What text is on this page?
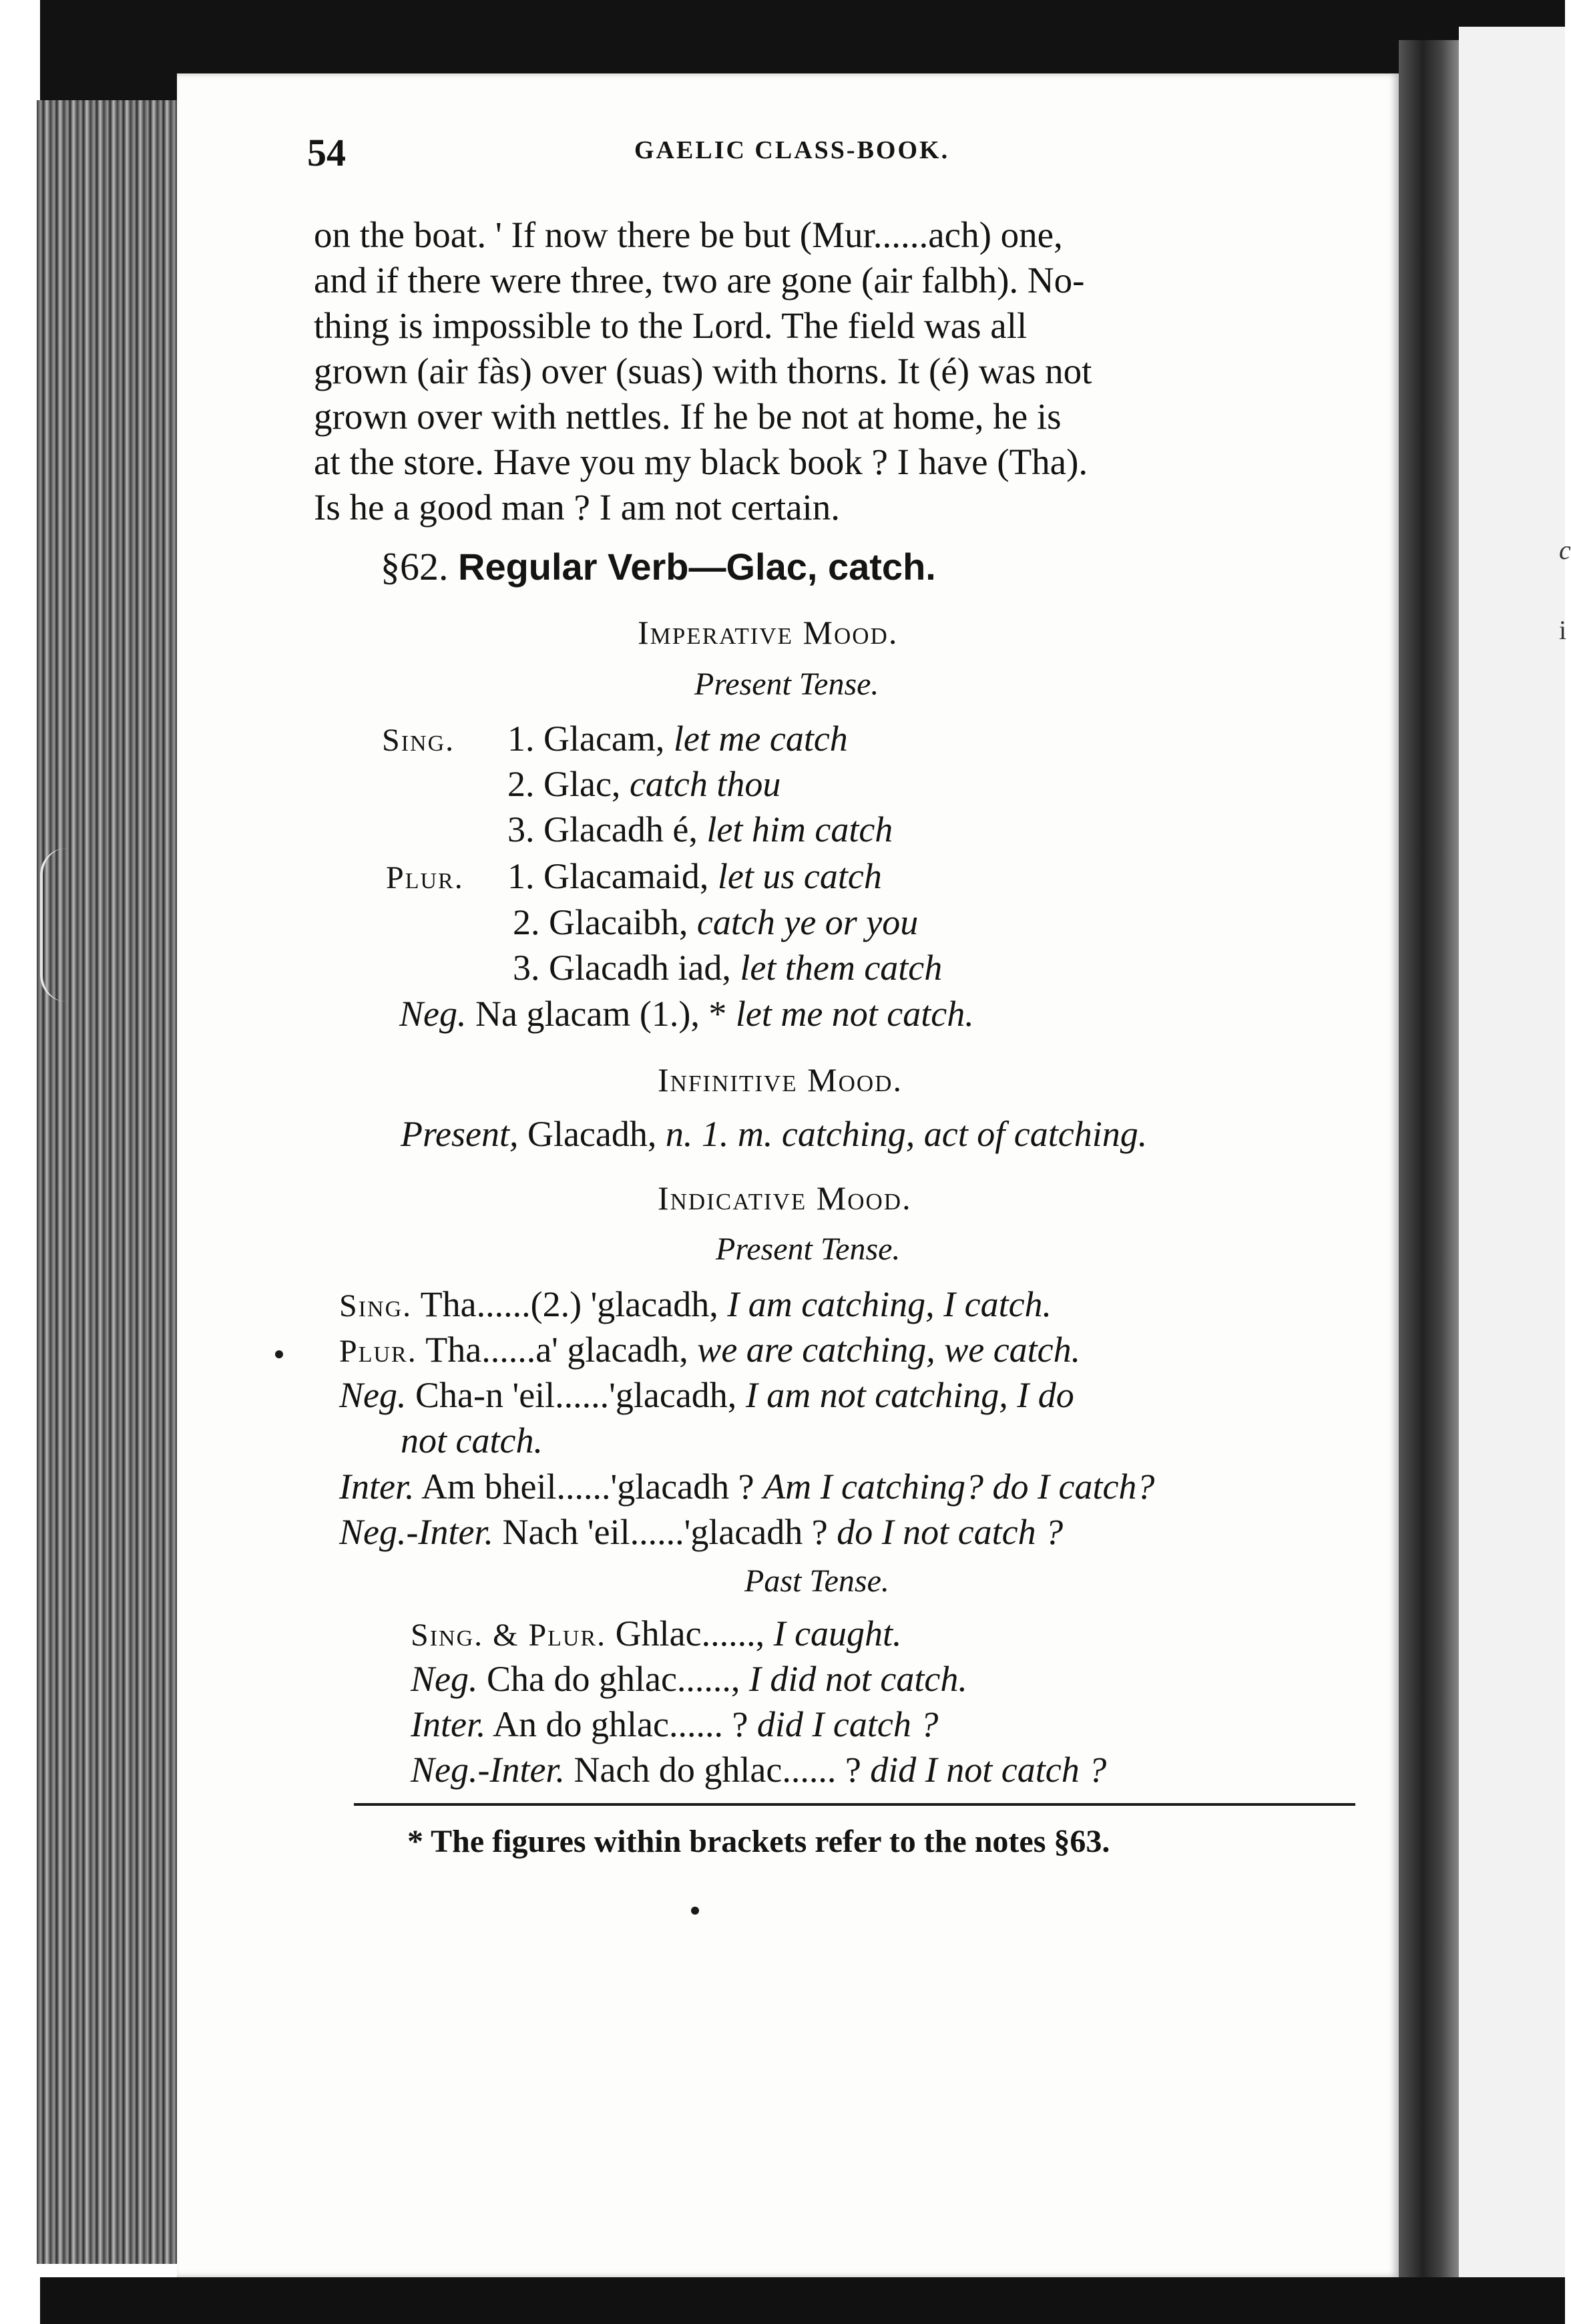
c
i
54	GAELIC CLASS-BOOK.
on the boat. ' If now there be but (Mur......ach) one,
and if there were three, two are gone (air falbh). No-
thing is impossible to the Lord. The field was all
grown (air fàs) over (suas) with thorns. It (é) was not
grown over with nettles. If he be not at home, he is
at the store. Have you my black book ? I have (Tha).
Is he a good man ? I am not certain.
§62. Regular Verb—Glac, catch.
Imperative Mood.
Present Tense.
Sing. 1. Glacam, let me catch
2. Glac, catch thou
3. Glacadh é, let him catch
Plur. 1. Glacamaid, let us catch
2. Glacaibh, catch ye or you
3. Glacadh iad, let them catch
Neg. Na glacam (1.), * let me not catch.
Infinitive Mood.
Present, Glacadh, n. 1. m. catching, act of catching.
Indicative Mood.
Present Tense.
Sing. Tha......(2.) 'glacadh, I am catching, I catch.
Plur. Tha......a' glacadh, we are catching, we catch.
Neg. Cha-n 'eil......'glacadh, I am not catching, I do
not catch.
Inter. Am bheil......'glacadh ? Am I catching? do I catch?
Neg.-Inter. Nach 'eil......'glacadh ? do I not catch ?
Past Tense.
Sing. & Plur. Ghlac......, I caught.
Neg. Cha do ghlac......, I did not catch.
Inter. An do ghlac...... ? did I catch ?
Neg.-Inter. Nach do ghlac...... ? did I not catch ?
* The figures within brackets refer to the notes §63.
